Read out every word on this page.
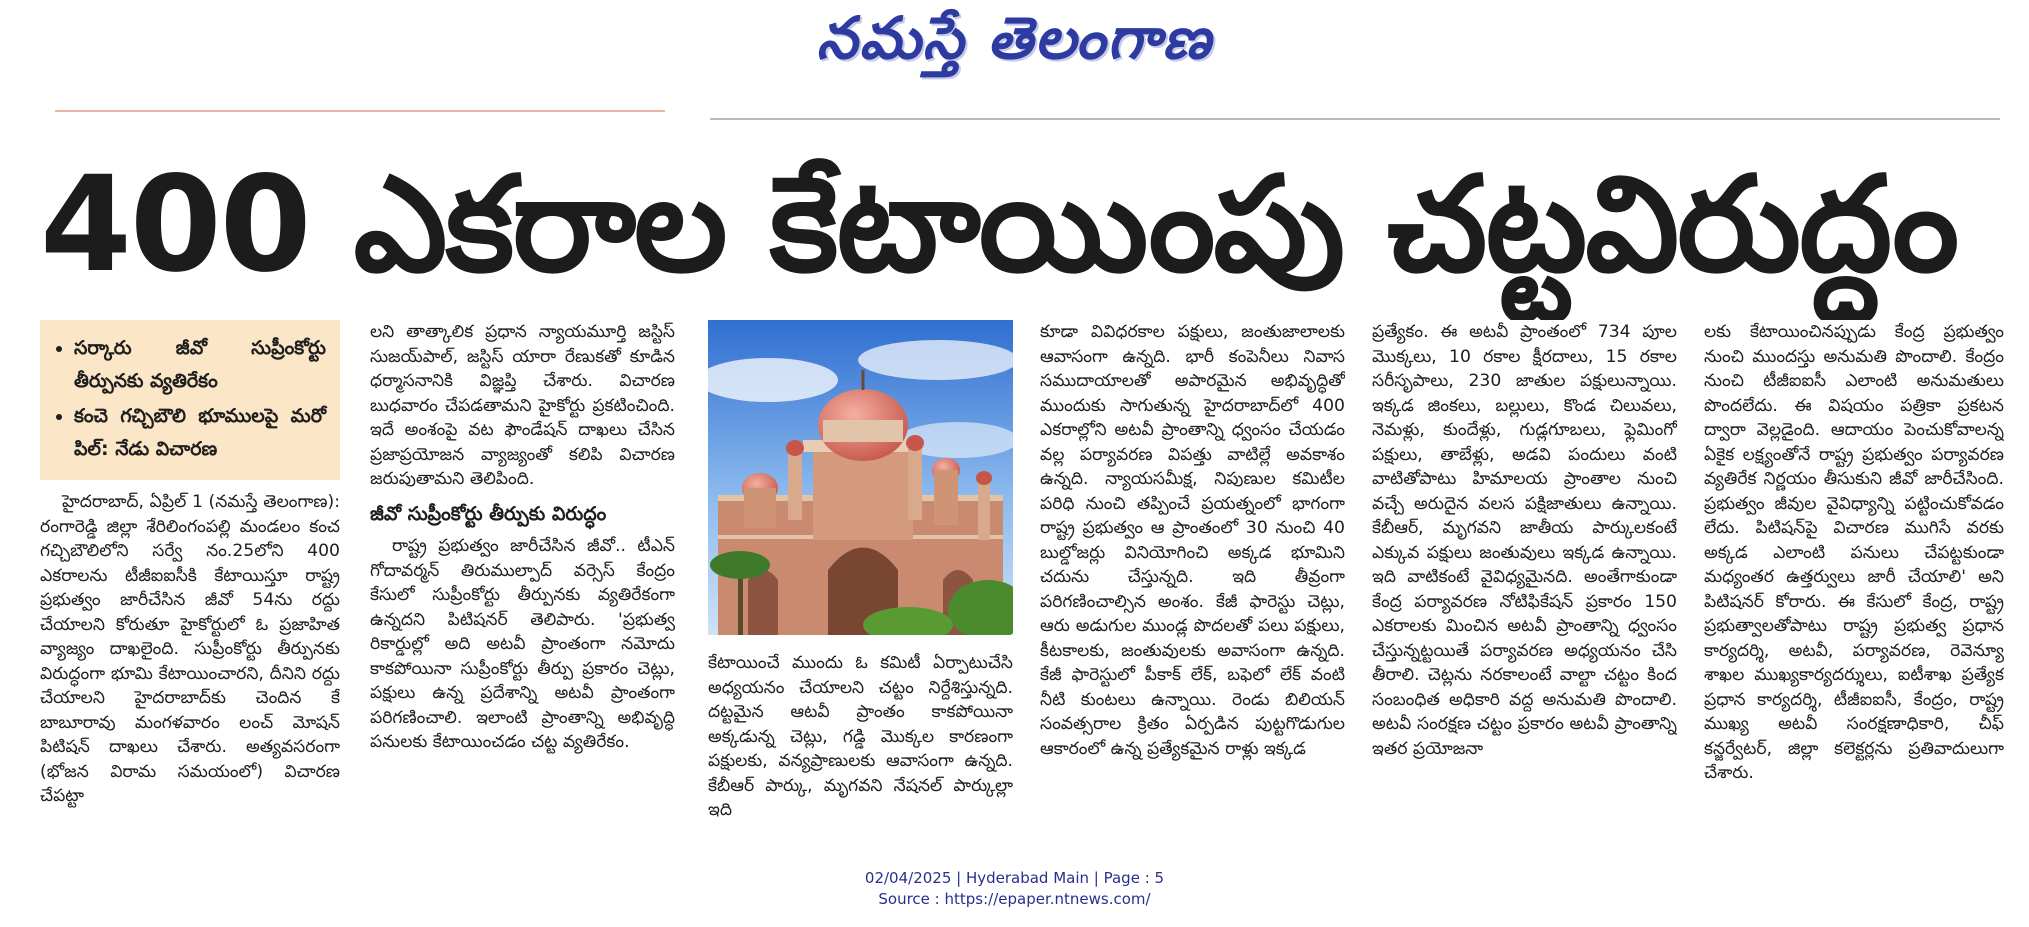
నమస్తే తెలంగాణ
400 ఎకరాల కేటాయింపు చట్టవిరుద్ధం
• సర్కారు జీవో సుప్రీంకోర్టు తీర్పునకు వ్యతిరేకం
• కంచె గచ్చిబౌలి భూములపై మరో పిల్: నేడు విచారణ

హైదరాబాద్, ఏప్రిల్ 1 (నమస్తే తెలంగాణ): రంగారెడ్డి జిల్లా శేరిలింగంపల్లి మండలం కంచ గచ్చిబౌలిలోని సర్వే నం.25లోని 400 ఎకరాలను టీజీఐఐసీకి కేటాయిస్తూ రాష్ట్ర ప్రభుత్వం జారీచేసిన జీవో 54ను రద్దు చేయాలని కోరుతూ హైకోర్టులో ఓ ప్రజాహిత వ్యాజ్యం దాఖలైంది. సుప్రీంకోర్టు తీర్పునకు విరుద్ధంగా భూమి కేటాయించారని, దీనిని రద్దు చేయాలని హైదరాబాద్‌కు చెందిన కే బాబూరావు మంగళవారం లంచ్ మోషన్ పిటిషన్ దాఖలు చేశారు. అత్యవసరంగా (భోజన విరామ సమయంలో) విచారణ చేపట్టా

లని తాత్కాలిక ప్రధాన న్యాయమూర్తి జస్టిస్ సుజయ్‌పాల్, జస్టిస్ యారా రేణుకతో కూడిన ధర్మాసనానికి విజ్ఞప్తి చేశారు. విచారణ బుధవారం చేపడతామని హైకోర్టు ప్రకటించింది. ఇదే అంశంపై వట ఫౌండేషన్ దాఖలు చేసిన ప్రజాప్రయోజన వ్యాజ్యంతో కలిపి విచారణ జరుపుతామని తెలిపింది.

జీవో సుప్రీంకోర్టు తీర్పుకు విరుద్ధం

రాష్ట్ర ప్రభుత్వం జారీచేసిన జీవో.. టీఎన్ గోదావర్మన్ తిరుముల్పాద్ వర్సెస్ కేంద్రం కేసులో సుప్రీంకోర్టు తీర్పునకు వ్యతిరేకంగా ఉన్నదని పిటిషనర్ తెలిపారు. 'ప్రభుత్వ రికార్డుల్లో అది అటవీ ప్రాంతంగా నమోదు కాకపోయినా సుప్రీంకోర్టు తీర్పు ప్రకారం చెట్లు, పక్షులు ఉన్న ప్రదేశాన్ని అటవీ ప్రాంతంగా పరిగణించాలి. ఇలాంటి ప్రాంతాన్ని అభివృద్ధి పనులకు కేటాయించడం చట్ట వ్యతిరేకం.

కేటాయించే ముందు ఓ కమిటీ ఏర్పాటుచేసి అధ్యయనం చేయాలని చట్టం నిర్దేశిస్తున్నది. దట్టమైన ఆటవీ ప్రాంతం కాకపోయినా అక్కడున్న చెట్లు, గడ్డి మొక్కల కారణంగా పక్షులకు, వన్యప్రాణులకు ఆవాసంగా ఉన్నది. కేబీఆర్ పార్కు, మృగవని నేషనల్ పార్కుల్లా ఇది

కూడా వివిధరకాల పక్షులు, జంతుజాలాలకు ఆవాసంగా ఉన్నది. భారీ కంపెనీలు నివాస సముదాయాలతో అపారమైన అభివృద్ధితో ముందుకు సాగుతున్న హైదరాబాద్‌లో 400 ఎకరాల్లోని అటవీ ప్రాంతాన్ని ధ్వంసం చేయడం వల్ల పర్యావరణ విపత్తు వాటిల్లే అవకాశం ఉన్నది. న్యాయసమీక్ష, నిపుణుల కమిటీల పరిధి నుంచి తప్పించే ప్రయత్నంలో భాగంగా రాష్ట్ర ప్రభుత్వం ఆ ప్రాంతంలో 30 నుంచి 40 బుల్డోజర్లు వినియోగించి అక్కడ భూమిని చదును చేస్తున్నది. ఇది తీవ్రంగా పరిగణించాల్సిన అంశం. కేజీ ఫారెస్టు చెట్లు, ఆరు అడుగుల ముండ్ల పొదలతో పలు పక్షులు, కీటకాలకు, జంతువులకు అవాసంగా ఉన్నది. కేజీ ఫారెస్టులో పీకాక్ లేక్, బఫెలో లేక్ వంటి నీటి కుంటలు ఉన్నాయి. రెండు బిలియన్ సంవత్సరాల క్రితం ఏర్పడిన పుట్టగొడుగుల ఆకారంలో ఉన్న ప్రత్యేకమైన రాళ్లు ఇక్కడ

ప్రత్యేకం. ఈ అటవీ ప్రాంతంలో 734 పూల మొక్కలు, 10 రకాల క్షీరదాలు, 15 రకాల సరీసృపాలు, 230 జాతుల పక్షులున్నాయి. ఇక్కడ జింకలు, బల్లులు, కొండ చిలువలు, నెమళ్లు, కుందేళ్లు, గుడ్లగూబలు, ఫ్లెమింగో పక్షులు, తాబేళ్లు, అడవి పందులు వంటి వాటితోపాటు హిమాలయ ప్రాంతాల నుంచి వచ్చే అరుదైన వలస పక్షిజాతులు ఉన్నాయి. కేబీఆర్, మృగవని జాతీయ పార్కులకంటే ఎక్కువ పక్షులు జంతువులు ఇక్కడ ఉన్నాయి. ఇది వాటికంటే వైవిధ్యమైనది. అంతేగాకుండా కేంద్ర పర్యావరణ నోటిఫికేషన్ ప్రకారం 150 ఎకరాలకు మించిన అటవీ ప్రాంతాన్ని ధ్వంసం చేస్తున్నట్టయితే పర్యావరణ అధ్యయనం చేసి తీరాలి. చెట్లను నరకాలంటే వాల్టా చట్టం కింద సంబంధిత అధికారి వద్ద అనుమతి పొందాలి. అటవీ సంరక్షణ చట్టం ప్రకారం అటవీ ప్రాంతాన్ని ఇతర ప్రయోజనా

లకు కేటాయించినప్పుడు కేంద్ర ప్రభుత్వం నుంచి ముందస్తు అనుమతి పొందాలి. కేంద్రం నుంచి టీజీఐఐసీ ఎలాంటి అనుమతులు పొందలేదు. ఈ విషయం పత్రికా ప్రకటన ద్వారా వెల్లడైంది. ఆదాయం పెంచుకోవాలన్న ఏకైక లక్ష్యంతోనే రాష్ట్ర ప్రభుత్వం పర్యావరణ వ్యతిరేక నిర్ణయం తీసుకుని జీవో జారీచేసింది. ప్రభుత్వం జీవుల వైవిధ్యాన్ని పట్టించుకోవడం లేదు. పిటిషన్‌పై విచారణ ముగిసే వరకు అక్కడ ఎలాంటి పనులు చేపట్టకుండా మధ్యంతర ఉత్తర్వులు జారీ చేయాలి' అని పిటిషనర్ కోరారు. ఈ కేసులో కేంద్ర, రాష్ట్ర ప్రభుత్వాలతోపాటు రాష్ట్ర ప్రభుత్వ ప్రధాన కార్యదర్శి, అటవీ, పర్యావరణ, రెవెన్యూ శాఖల ముఖ్యకార్యదర్శులు, ఐటీశాఖ ప్రత్యేక ప్రధాన కార్యదర్శి, టీజీఐఐసీ, కేంద్రం, రాష్ట్ర ముఖ్య అటవీ సంరక్షణాధికారి, చీఫ్ కన్జర్వేటర్, జిల్లా కలెక్టర్లను ప్రతివాదులుగా చేశారు.

02/04/2025 | Hyderabad Main | Page : 5
Source : https://epaper.ntnews.com/
